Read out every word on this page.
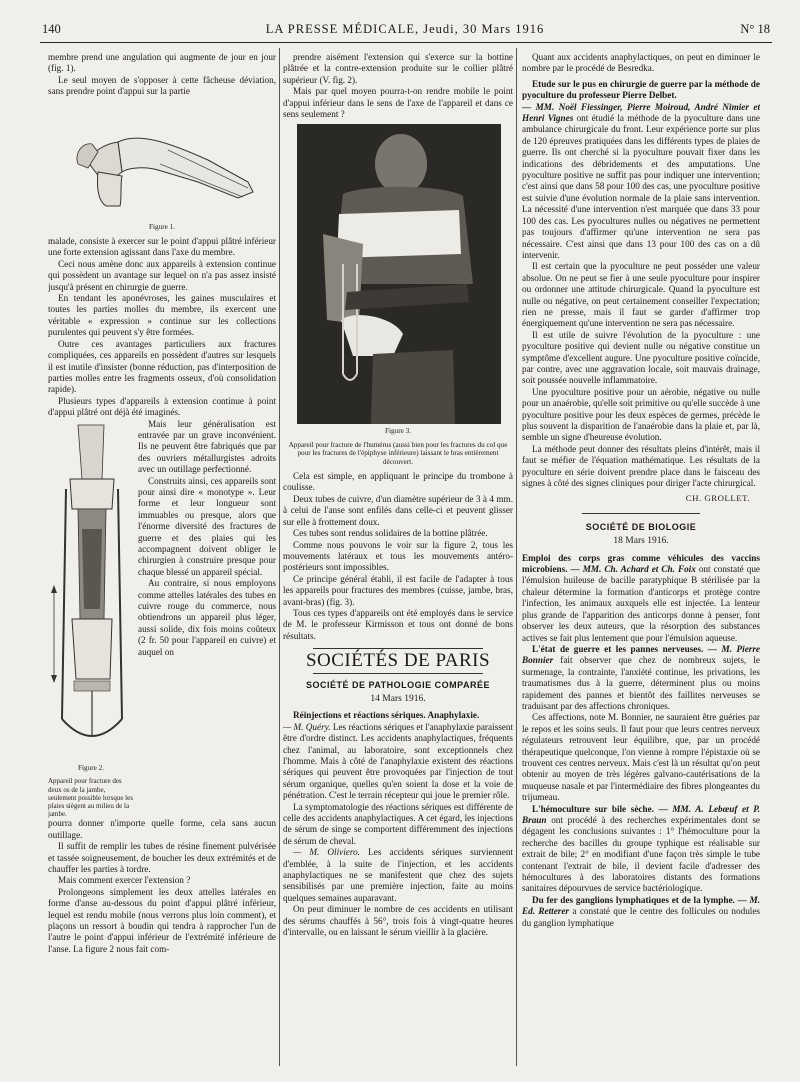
140	LA PRESSE MÉDICALE, Jeudi, 30 Mars 1916	N° 18

membre prend une angulation qui augmente de jour en jour (fig. 1).

Le seul moyen de s'opposer à cette fâcheuse déviation, sans prendre point d'appui sur la partie

Figure 1.

malade, consiste à exercer sur le point d'appui plâtré inférieur une forte extension agissant dans l'axe du membre.

Ceci nous amène donc aux appareils à extension continue qui possèdent un avantage sur lequel on n'a pas assez insisté jusqu'à présent en chirurgie de guerre.

En tendant les aponévroses, les gaines musculaires et toutes les parties molles du membre, ils exercent une véritable « expression » continue sur les collections purulentes qui peuvent s'y être formées.

Outre ces avantages particuliers aux fractures compliquées, ces appareils en possèdent d'autres sur lesquels il est inutile d'insister (bonne réduction, pas d'interposition de parties molles entre les fragments osseux, d'où consolidation rapide).

Plusieurs types d'appareils à extension continue à point d'appui plâtré ont déjà été imaginés.

Figure 2.
Appareil pour fracture des deux os de la jambe, seulement possible lorsque les plaies siègent au milieu de la jambe.

Mais leur généralisation est entravée par un grave inconvénient. Ils ne peuvent être fabriqués que par des ouvriers métallurgistes adroits avec un outillage perfectionné.

Construits ainsi, ces appareils sont pour ainsi dire « monotype ». Leur forme et leur longueur sont immuables ou presque, alors que l'énorme diversité des fractures de guerre et des plaies qui les accompagnent doivent obliger le chirurgien à construire presque pour chaque blessé un appareil spécial.

Au contraire, si nous employons comme attelles latérales des tubes en cuivre rouge du commerce, nous obtiendrons un appareil plus léger, aussi solide, dix fois moins coûteux (2 fr. 50 pour l'appareil en cuivre) et auquel on

pourra donner n'importe quelle forme, cela sans aucun outillage.

Il suffit de remplir les tubes de résine finement pulvérisée et tassée soigneusement, de boucher les deux extrémités et de chauffer les parties à tordre.

Mais comment exercer l'extension ?

Prolongeons simplement les deux attelles latérales en forme d'anse au-dessous du point d'appui plâtré inférieur, lequel est rendu mobile (nous verrons plus loin comment), et plaçons un ressort à boudin qui tendra à rapprocher l'un de l'autre le point d'appui inférieur de l'extrémité inférieure de l'anse. La figure 2 nous fait com-

prendre aisément l'extension qui s'exerce sur la bottine plâtrée et la contre-extension produite sur le collier plâtré supérieur (V. fig. 2).

Mais par quel moyen pourra-t-on rendre mobile le point d'appui inférieur dans le sens de l'axe de l'appareil et dans ce sens seulement ?

Figure 3.
Appareil pour fracture de l'humérus (aussi bien pour les fractures du col que pour les fractures de l'épiphyse inférieure) laissant le bras entièrement découvert.

Cela est simple, en appliquant le principe du trombone à coulisse.

Deux tubes de cuivre, d'un diamètre supérieur de 3 à 4 mm. à celui de l'anse sont enfilés dans celle-ci et peuvent glisser sur elle à frottement doux.

Ces tubes sont rendus solidaires de la bottine plâtrée.

Comme nous pouvons le voir sur la figure 2, tous les mouvements latéraux et tous les mouvements antéro-postérieurs sont impossibles.

Ce principe général établi, il est facile de l'adapter à tous les appareils pour fractures des membres (cuisse, jambe, bras, avant-bras) (fig. 3).

Tous ces types d'appareils ont été employés dans le service de M. le professeur Kirmisson et tous ont donné de bons résultats.

SOCIÉTÉS DE PARIS
SOCIÉTÉ DE PATHOLOGIE COMPARÉE
14 Mars 1916.

Réinjections et réactions sériques. Anaphylaxie.

— M. Quéry. Les réactions sériques et l'anaphylaxie paraissent être d'ordre distinct. Les accidents anaphylactiques, fréquents chez l'animal, au laboratoire, sont exceptionnels chez l'homme. Mais à côté de l'anaphylaxie existent des réactions sériques qui peuvent être provoquées par l'injection de tout sérum organique, quelles qu'en soient la dose et la voie de pénétration. C'est le terrain récepteur qui joue le premier rôle.

La symptomatologie des réactions sériques est différente de celle des accidents anaphylactiques. A cet égard, les injections de sérum de singe se comportent différemment des injections de sérum de cheval.

— M. Oliviero. Les accidents sériques surviennent d'emblée, à la suite de l'injection, et les accidents anaphylactiques ne se manifestent que chez des sujets sensibilisés par une première injection, faite au moins quelques semaines auparavant.

On peut diminuer le nombre de ces accidents en utilisant des sérums chauffés à 56°, trois fois à vingt-quatre heures d'intervalle, ou en laissant le sérum vieillir à la glacière.

Quant aux accidents anaphylactiques, on peut en diminuer le nombre par le procédé de Besredka.

Etude sur le pus en chirurgie de guerre par la méthode de pyoculture du professeur Pierre Delbet.

— MM. Noël Fiessinger, Pierre Moiroud, André Nimier et Henri Vignes ont étudié la méthode de la pyoculture dans une ambulance chirurgicale du front. Leur expérience porte sur plus de 120 épreuves pratiquées dans les différents types de plaies de guerre. Ils ont cherché si la pyoculture pouvait fixer dans les indications des débridements et des amputations. Une pyoculture positive ne suffit pas pour indiquer une intervention; c'est ainsi que dans 58 pour 100 des cas, une pyoculture positive est suivie d'une évolution normale de la plaie sans intervention. La nécessité d'une intervention n'est marquée que dans 33 pour 100 des cas. Les pyocultures nulles ou négatives ne permettent pas toujours d'affirmer qu'une intervention ne sera pas nécessaire. C'est ainsi que dans 13 pour 100 des cas on a dû intervenir.

Il est certain que la pyoculture ne peut posséder une valeur absolue. On ne peut se fier à une seule pyoculture pour inspirer ou ordonner une attitude chirurgicale. Quand la pyoculture est nulle ou négative, on peut certainement conseiller l'expectation; rien ne presse, mais il faut se garder d'affirmer trop énergiquement qu'une intervention ne sera pas nécessaire.

Il est utile de suivre l'évolution de la pyoculture : une pyoculture positive qui devient nulle ou négative constitue un symptôme d'excellent augure. Une pyoculture positive coïncide, par contre, avec une aggravation locale, soit mauvais drainage, soit poussée nouvelle inflammatoire.

Une pyoculture positive pour un aérobie, négative ou nulle pour un anaérobie, qu'elle soit primitive ou qu'elle succède à une pyoculture positive pour les deux espèces de germes, précède le plus souvent la disparition de l'anaérobie dans la plaie et, par là, semble un signe d'heureuse évolution.

La méthode peut donner des résultats pleins d'intérêt, mais il faut se méfier de l'équation mathématique. Les résultats de la pyoculture en série doivent prendre place dans le faisceau des signes à côté des signes cliniques pour diriger l'acte chirurgical.

CH. GROLLET.
SOCIÉTÉ DE BIOLOGIE
18 Mars 1916.

Emploi des corps gras comme véhicules des vaccins microbiens. — MM. Ch. Achard et Ch. Foix ont constaté que l'émulsion huileuse de bacille paratyphique B stérilisée par la chaleur détermine la formation d'anticorps et protège contre l'infection, les animaux auxquels elle est injectée. La lenteur plus grande de l'apparition des anticorps donne à penser, font observer les deux auteurs, que la résorption des substances actives se fait plus lentement que pour l'émulsion aqueuse.

L'état de guerre et les pannes nerveuses. — M. Pierre Bonnier fait observer que chez de nombreux sujets, le surmenage, la contrainte, l'anxiété continue, les privations, les traumatismes dus à la guerre, déterminent plus ou moins rapidement des pannes et bientôt des faillites nerveuses se traduisant par des affections chroniques.

Ces affections, note M. Bonnier, ne sauraient être guéries par le repos et les soins seuls. Il faut pour que leurs centres nerveux régulateurs retrouvent leur équilibre, que, par un procédé thérapeutique quelconque, l'on vienne à rompre l'épistaxie où se trouvent ces centres nerveux. Mais c'est là un résultat qu'on peut obtenir au moyen de très légères galvano-cautérisations de la muqueuse nasale et par l'intermédiaire des fibres plongeantes du trijumeau.

L'hémoculture sur bile sèche. — MM. A. Lebœuf et P. Braun ont procédé à des recherches expérimentales dont se dégagent les conclusions suivantes : 1° l'hémoculture pour la recherche des bacilles du groupe typhique est réalisable sur extrait de bile; 2° en modifiant d'une façon très simple le tube contenant l'extrait de bile, il devient facile d'adresser des hémocultures à des laboratoires distants des formations sanitaires dépourvues de service bactériologique.

Du fer des ganglions lymphatiques et de la lymphe. — M. Ed. Retterer a constaté que le centre des follicules ou nodules du ganglion lymphatique
